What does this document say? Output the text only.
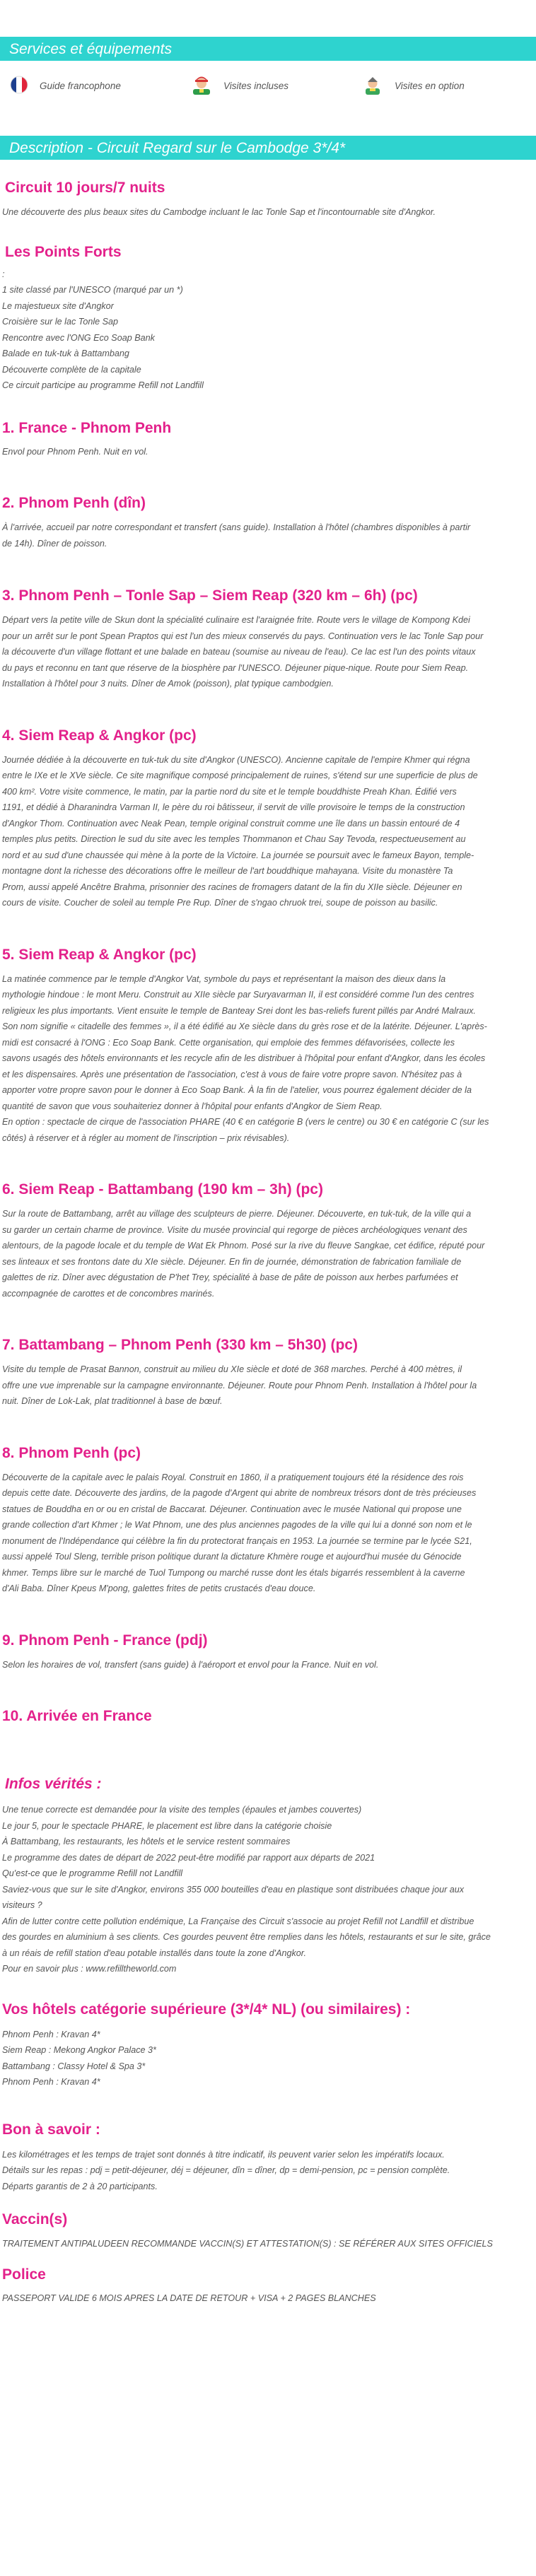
Services et équipements
Guide francophone	Visites incluses	Visites en option
Description - Circuit Regard sur le Cambodge 3*/4*
Circuit 10 jours/7 nuits

Une découverte des plus beaux sites du Cambodge incluant le lac Tonle Sap et l'incontournable site d'Angkor.

Les Points Forts
:
1 site classé par l'UNESCO (marqué par un *)
Le majestueux site d'Angkor
Croisière sur le lac Tonle Sap
Rencontre avec l'ONG Eco Soap Bank
Balade en tuk-tuk à Battambang
Découverte complète de la capitale
Ce circuit participe au programme Refill not Landfill
1. France - Phnom Penh
Envol pour Phnom Penh. Nuit en vol.
2. Phnom Penh (dîn)
À l'arrivée, accueil par notre correspondant et transfert (sans guide). Installation à l'hôtel (chambres disponibles à partir
de 14h). Dîner de poisson.
3. Phnom Penh – Tonle Sap – Siem Reap (320 km – 6h) (pc)
Départ vers la petite ville de Skun dont la spécialité culinaire est l'araignée frite. Route vers le village de Kompong Kdei
pour un arrêt sur le pont Spean Praptos qui est l'un des mieux conservés du pays. Continuation vers le lac Tonle Sap pour
la découverte d'un village flottant et une balade en bateau (soumise au niveau de l'eau). Ce lac est l'un des points vitaux
du pays et reconnu en tant que réserve de la biosphère par l'UNESCO. Déjeuner pique-nique. Route pour Siem Reap.
Installation à l'hôtel pour 3 nuits. Dîner de Amok (poisson), plat typique cambodgien.
4. Siem Reap & Angkor (pc)
Journée dédiée à la découverte en tuk-tuk du site d'Angkor (UNESCO). Ancienne capitale de l'empire Khmer qui régna
entre le IXe et le XVe siècle. Ce site magnifique composé principalement de ruines, s'étend sur une superficie de plus de
400 km². Votre visite commence, le matin, par la partie nord du site et le temple bouddhiste Preah Khan. Édifié vers
1191, et dédié à Dharanindra Varman II, le père du roi bâtisseur, il servit de ville provisoire le temps de la construction
d'Angkor Thom. Continuation avec Neak Pean, temple original construit comme une île dans un bassin entouré de 4
temples plus petits. Direction le sud du site avec les temples Thommanon et Chau Say Tevoda, respectueusement au
nord et au sud d'une chaussée qui mène à la porte de la Victoire. La journée se poursuit avec le fameux Bayon, temple-
montagne dont la richesse des décorations offre le meilleur de l'art bouddhique mahayana. Visite du monastère Ta
Prom, aussi appelé Ancêtre Brahma, prisonnier des racines de fromagers datant de la fin du XIIe siècle. Déjeuner en
cours de visite. Coucher de soleil au temple Pre Rup. Dîner de s'ngao chruok trei, soupe de poisson au basilic.
5. Siem Reap & Angkor (pc)
La matinée commence par le temple d'Angkor Vat, symbole du pays et représentant la maison des dieux dans la
mythologie hindoue : le mont Meru. Construit au XIIe siècle par Suryavarman II, il est considéré comme l'un des centres
religieux les plus importants. Vient ensuite le temple de Banteay Srei dont les bas-reliefs furent pillés par André Malraux.
Son nom signifie « citadelle des femmes », il a été édifié au Xe siècle dans du grès rose et de la latérite. Déjeuner. L'après-
midi est consacré à l'ONG : Eco Soap Bank. Cette organisation, qui emploie des femmes défavorisées, collecte les
savons usagés des hôtels environnants et les recycle afin de les distribuer à l'hôpital pour enfant d'Angkor, dans les écoles
et les dispensaires. Après une présentation de l'association, c'est à vous de faire votre propre savon. N'hésitez pas à
apporter votre propre savon pour le donner à Eco Soap Bank. À la fin de l'atelier, vous pourrez également décider de la
quantité de savon que vous souhaiteriez donner à l'hôpital pour enfants d'Angkor de Siem Reap.
En option : spectacle de cirque de l'association PHARE (40 € en catégorie B (vers le centre) ou 30 € en catégorie C (sur les
côtés) à réserver et à régler au moment de l'inscription – prix révisables).
6. Siem Reap - Battambang (190 km – 3h) (pc)
Sur la route de Battambang, arrêt au village des sculpteurs de pierre. Déjeuner. Découverte, en tuk-tuk, de la ville qui a
su garder un certain charme de province. Visite du musée provincial qui regorge de pièces archéologiques venant des
alentours, de la pagode locale et du temple de Wat Ek Phnom. Posé sur la rive du fleuve Sangkae, cet édifice, réputé pour
ses linteaux et ses frontons date du XIe siècle. Déjeuner. En fin de journée, démonstration de fabrication familiale de
galettes de riz. Dîner avec dégustation de P'het Trey, spécialité à base de pâte de poisson aux herbes parfumées et
accompagnée de carottes et de concombres marinés.
7. Battambang – Phnom Penh (330 km – 5h30) (pc)
Visite du temple de Prasat Bannon, construit au milieu du XIe siècle et doté de 368 marches. Perché à 400 mètres, il
offre une vue imprenable sur la campagne environnante. Déjeuner. Route pour Phnom Penh. Installation à l'hôtel pour la
nuit. Dîner de Lok-Lak, plat traditionnel à base de bœuf.
8. Phnom Penh (pc)
Découverte de la capitale avec le palais Royal. Construit en 1860, il a pratiquement toujours été la résidence des rois
depuis cette date. Découverte des jardins, de la pagode d'Argent qui abrite de nombreux trésors dont de très précieuses
statues de Bouddha en or ou en cristal de Baccarat. Déjeuner. Continuation avec le musée National qui propose une
grande collection d'art Khmer ; le Wat Phnom, une des plus anciennes pagodes de la ville qui lui a donné son nom et le
monument de l'Indépendance qui célèbre la fin du protectorat français en 1953. La journée se termine par le lycée S21,
aussi appelé Toul Sleng, terrible prison politique durant la dictature Khmère rouge et aujourd'hui musée du Génocide
khmer. Temps libre sur le marché de Tuol Tumpong ou marché russe dont les étals bigarrés ressemblent à la caverne
d'Ali Baba. Dîner Kpeus M'pong, galettes frites de petits crustacés d'eau douce.
9. Phnom Penh - France (pdj)
Selon les horaires de vol, transfert (sans guide) à l'aéroport et envol pour la France. Nuit en vol.
10. Arrivée en France
Infos vérités :
Une tenue correcte est demandée pour la visite des temples (épaules et jambes couvertes)
Le jour 5, pour le spectacle PHARE, le placement est libre dans la catégorie choisie
À Battambang, les restaurants, les hôtels et le service restent sommaires
Le programme des dates de départ de 2022 peut-être modifié par rapport aux départs de 2021
Qu'est-ce que le programme Refill not Landfill
Saviez-vous que sur le site d'Angkor, environs 355 000 bouteilles d'eau en plastique sont distribuées chaque jour aux
visiteurs ?
Afin de lutter contre cette pollution endémique, La Française des Circuit s'associe au projet Refill not Landfill et distribue
des gourdes en aluminium à ses clients. Ces gourdes peuvent être remplies dans les hôtels, restaurants et sur le site, grâce
à un réais de refill station d'eau potable installés dans toute la zone d'Angkor.
Pour en savoir plus : www.refilltheworld.com
Vos hôtels catégorie supérieure (3*/4* NL) (ou similaires) :
Phnom Penh : Kravan 4*
Siem Reap : Mekong Angkor Palace 3*
Battambang : Classy Hotel & Spa 3*
Phnom Penh : Kravan 4*
Bon à savoir :
Les kilométrages et les temps de trajet sont donnés à titre indicatif, ils peuvent varier selon les impératifs locaux.
Détails sur les repas : pdj = petit-déjeuner, déj = déjeuner, dîn = dîner, dp = demi-pension, pc = pension complète.
Départs garantis de 2 à 20 participants.
Vaccin(s)

TRAITEMENT ANTIPALUDEEN RECOMMANDE VACCIN(S) ET ATTESTATION(S) : SE RÉFÉRER AUX SITES OFFICIELS

Police

PASSEPORT VALIDE 6 MOIS APRES LA DATE DE RETOUR + VISA + 2 PAGES BLANCHES
